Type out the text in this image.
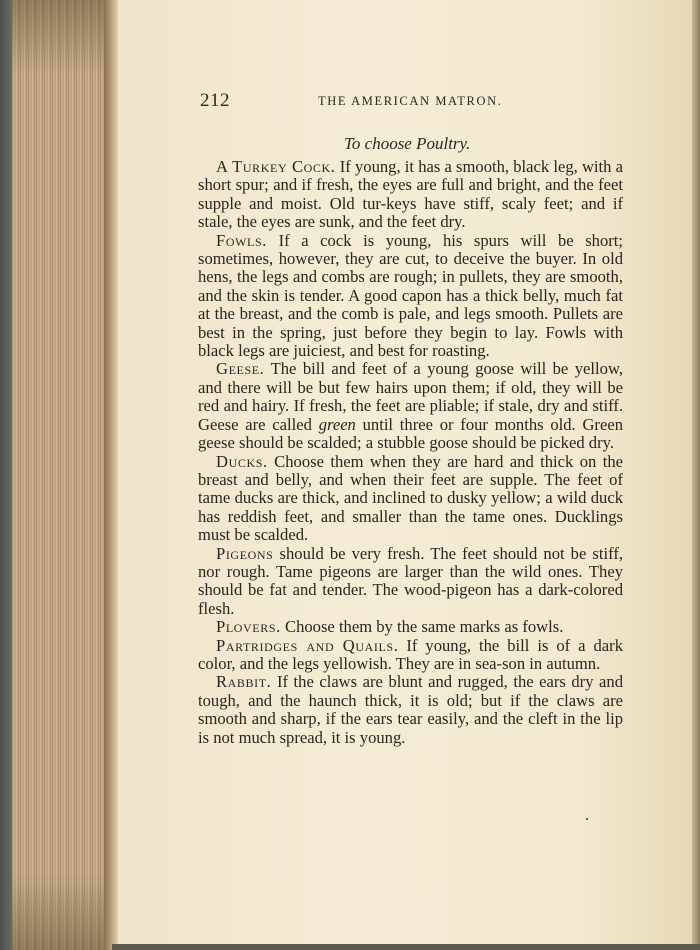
212	THE AMERICAN MATRON.
To choose Poultry.

A Turkey Cock. If young, it has a smooth, black leg, with a short spur; and if fresh, the eyes are full and bright, and the feet supple and moist. Old tur-keys have stiff, scaly feet; and if stale, the eyes are sunk, and the feet dry.

Fowls. If a cock is young, his spurs will be short; sometimes, however, they are cut, to deceive the buyer. In old hens, the legs and combs are rough; in pullets, they are smooth, and the skin is tender. A good capon has a thick belly, much fat at the breast, and the comb is pale, and legs smooth. Pullets are best in the spring, just before they begin to lay. Fowls with black legs are juiciest, and best for roasting.

Geese. The bill and feet of a young goose will be yellow, and there will be but few hairs upon them; if old, they will be red and hairy. If fresh, the feet are pliable; if stale, dry and stiff. Geese are called green until three or four months old. Green geese should be scalded; a stubble goose should be picked dry.

Ducks. Choose them when they are hard and thick on the breast and belly, and when their feet are supple. The feet of tame ducks are thick, and inclined to dusky yellow; a wild duck has reddish feet, and smaller than the tame ones. Ducklings must be scalded.

Pigeons should be very fresh. The feet should not be stiff, nor rough. Tame pigeons are larger than the wild ones. They should be fat and tender. The wood-pigeon has a dark-colored flesh.

Plovers. Choose them by the same marks as fowls.

Partridges and Quails. If young, the bill is of a dark color, and the legs yellowish. They are in sea-son in autumn.

Rabbit. If the claws are blunt and rugged, the ears dry and tough, and the haunch thick, it is old; but if the claws are smooth and sharp, if the ears tear easily, and the cleft in the lip is not much spread, it is young.
